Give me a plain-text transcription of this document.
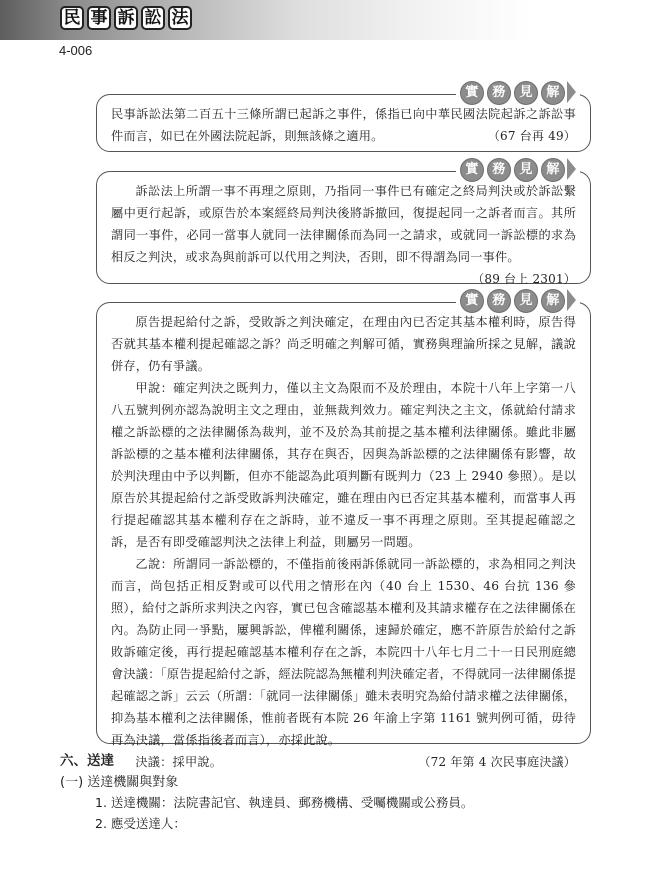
民 事 訴 訟 法
4-006
實	務	見	解

民事訴訟法第二百五十三條所謂已起訴之事件，係指已向中華民國法院起訴之訴訟事件而言，如已在外國法院起訴，則無該條之適用。	（67 台再 49）
實	務	見	解

訴訟法上所謂一事不再理之原則，乃指同一事件已有確定之終局判決或於訴訟繫屬中更行起訴，或原告於本案經終局判決後將訴撤回，復提起同一之訴者而言。其所謂同一事件，必同一當事人就同一法律關係而為同一之請求，或就同一訴訟標的求為相反之判決，或求為與前訴可以代用之判決，否則，即不得謂為同一事件。

（89 台上 2301）

實	務	見	解

原告提起給付之訴，受敗訴之判決確定，在理由內已否定其基本權利時，原告得否就其基本權利提起確認之訴？尚乏明確之判解可循，實務與理論所採之見解，議說併存，仍有爭議。

甲說：確定判決之既判力，僅以主文為限而不及於理由，本院十八年上字第一八八五號判例亦認為說明主文之理由，並無裁判效力。確定判決之主文，係就給付請求權之訴訟標的之法律關係為裁判，並不及於為其前提之基本權利法律關係。雖此非屬訴訟標的之基本權利法律關係，其存在與否，因與為訴訟標的之法律關係有影響，故於判決理由中予以判斷，但亦不能認為此項判斷有既判力（23 上 2940 參照）。是以原告於其提起給付之訴受敗訴判決確定，雖在理由內已否定其基本權利，而當事人再行提起確認其基本權利存在之訴時，並不違反一事不再理之原則。至其提起確認之訴，是否有即受確認判決之法律上利益，則屬另一問題。

乙說：所謂同一訴訟標的，不僅指前後兩訴係就同一訴訟標的，求為相同之判決而言，尚包括正相反對或可以代用之情形在內（40 台上 1530、46 台抗 136 參照），給付之訴所求判決之內容，實已包含確認基本權利及其請求權存在之法律關係在內。為防止同一爭點，屢興訴訟，俾權利關係，速歸於確定，應不許原告於給付之訴敗訴確定後，再行提起確認基本權利存在之訴，本院四十八年七月二十一日民刑庭總會決議：「原告提起給付之訴，經法院認為無權利判決確定者，不得就同一法律關係提起確認之訴」云云（所謂：「就同一法律關係」雖未表明究為給付請求權之法律關係，抑為基本權利之法律關係，惟前者既有本院 26 年渝上字第 1161 號判例可循，毋待再為決議，當係指後者而言），亦採此說。

決議：採甲說。	（72 年第 4 次民事庭決議）

六、送達
(一) 送達機關與對象
1. 送達機關：法院書記官、執達員、郵務機構、受囑機關或公務員。
2. 應受送達人：
